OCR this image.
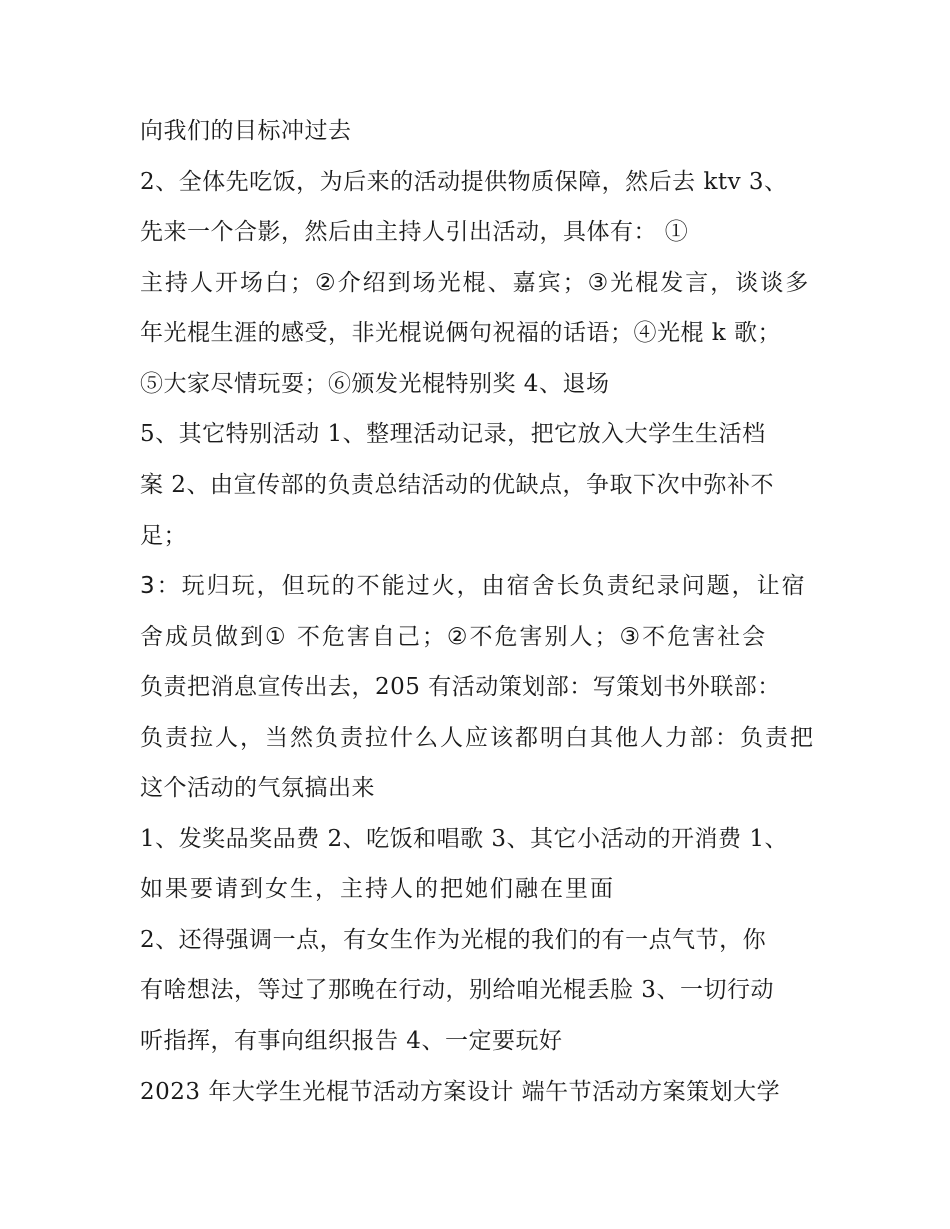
向我们的目标冲过去
2、全体先吃饭，为后来的活动提供物质保障，然后去 ktv 3、
先来一个合影，然后由主持人引出活动，具体有： ①
主持人开场白；②介绍到场光棍、嘉宾；③光棍发言，谈谈多
年光棍生涯的感受，非光棍说俩句祝福的话语；④光棍 k 歌；
⑤大家尽情玩耍；⑥颁发光棍特别奖 4、退场
5、其它特别活动 1、整理活动记录，把它放入大学生生活档
案 2、由宣传部的负责总结活动的优缺点，争取下次中弥补不
足；
3：玩归玩，但玩的不能过火，由宿舍长负责纪录问题，让宿
舍成员做到① 不危害自己；②不危害别人；③不危害社会
负责把消息宣传出去，205 有活动策划部：写策划书外联部：
负责拉人，当然负责拉什么人应该都明白其他人力部：负责把
这个活动的气氛搞出来
1、发奖品奖品费 2、吃饭和唱歌 3、其它小活动的开消费 1、
如果要请到女生，主持人的把她们融在里面
2、还得强调一点，有女生作为光棍的我们的有一点气节，你
有啥想法，等过了那晚在行动，别给咱光棍丢脸 3、一切行动
听指挥，有事向组织报告 4、一定要玩好
2023 年大学生光棍节活动方案设计 端午节活动方案策划大学
